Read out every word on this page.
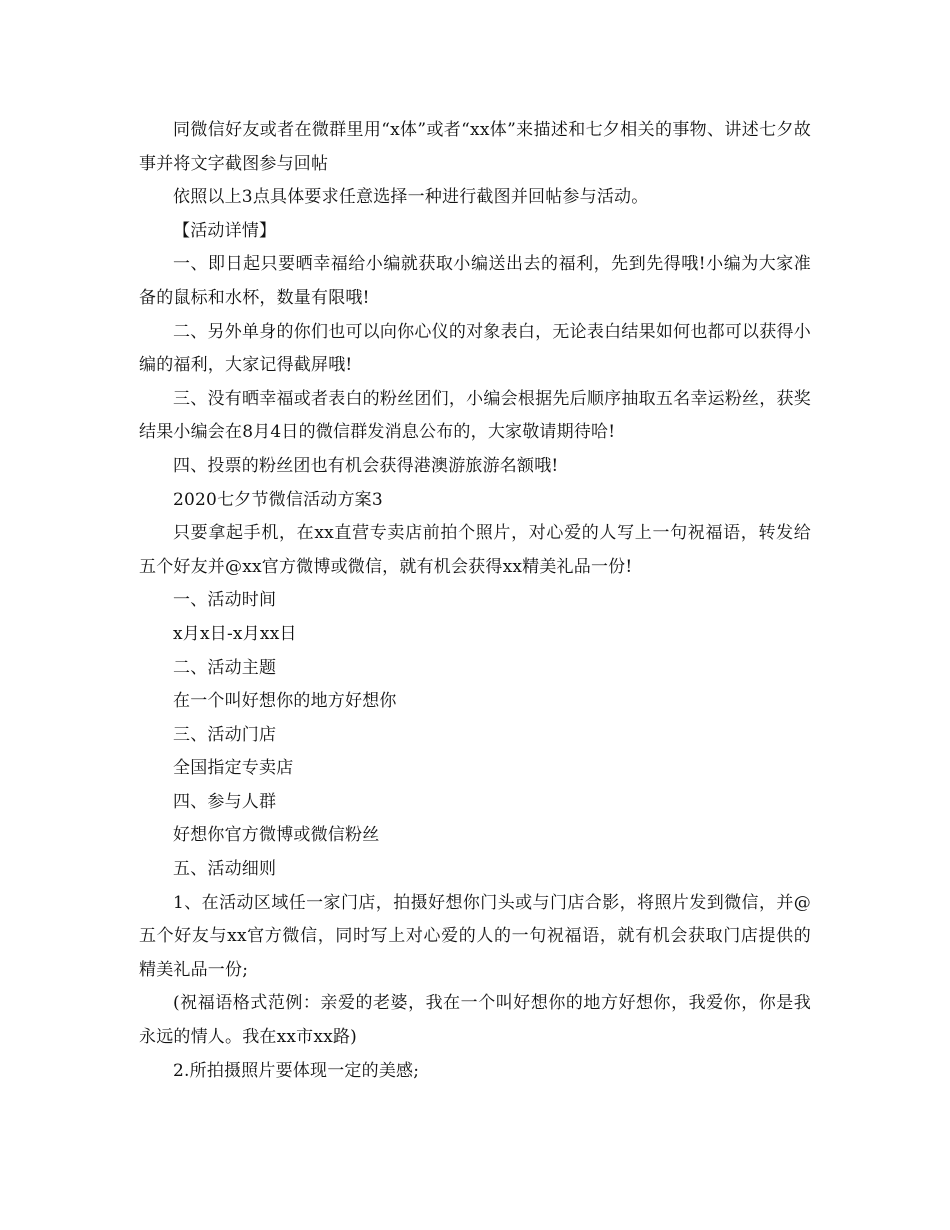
同微信好友或者在微群里用“x体”或者“xx体”来描述和七夕相关的事物、讲述七夕故事并将文字截图参与回帖

依照以上3点具体要求任意选择一种进行截图并回帖参与活动。

【活动详情】

一、即日起只要晒幸福给小编就获取小编送出去的福利，先到先得哦!小编为大家准备的鼠标和水杯，数量有限哦!

二、另外单身的你们也可以向你心仪的对象表白，无论表白结果如何也都可以获得小编的福利，大家记得截屏哦!

三、没有晒幸福或者表白的粉丝团们，小编会根据先后顺序抽取五名幸运粉丝，获奖结果小编会在8月4日的微信群发消息公布的，大家敬请期待哈!

四、投票的粉丝团也有机会获得港澳游旅游名额哦!

2020七夕节微信活动方案3

只要拿起手机，在xx直营专卖店前拍个照片，对心爱的人写上一句祝福语，转发给五个好友并@xx官方微博或微信，就有机会获得xx精美礼品一份!

一、活动时间

x月x日-x月xx日

二、活动主题

在一个叫好想你的地方好想你

三、活动门店

全国指定专卖店

四、参与人群

好想你官方微博或微信粉丝

五、活动细则

1、在活动区域任一家门店，拍摄好想你门头或与门店合影，将照片发到微信，并@五个好友与xx官方微信，同时写上对心爱的人的一句祝福语，就有机会获取门店提供的精美礼品一份;

(祝福语格式范例：亲爱的老婆，我在一个叫好想你的地方好想你，我爱你，你是我永远的情人。我在xx市xx路)

2.所拍摄照片要体现一定的美感;
